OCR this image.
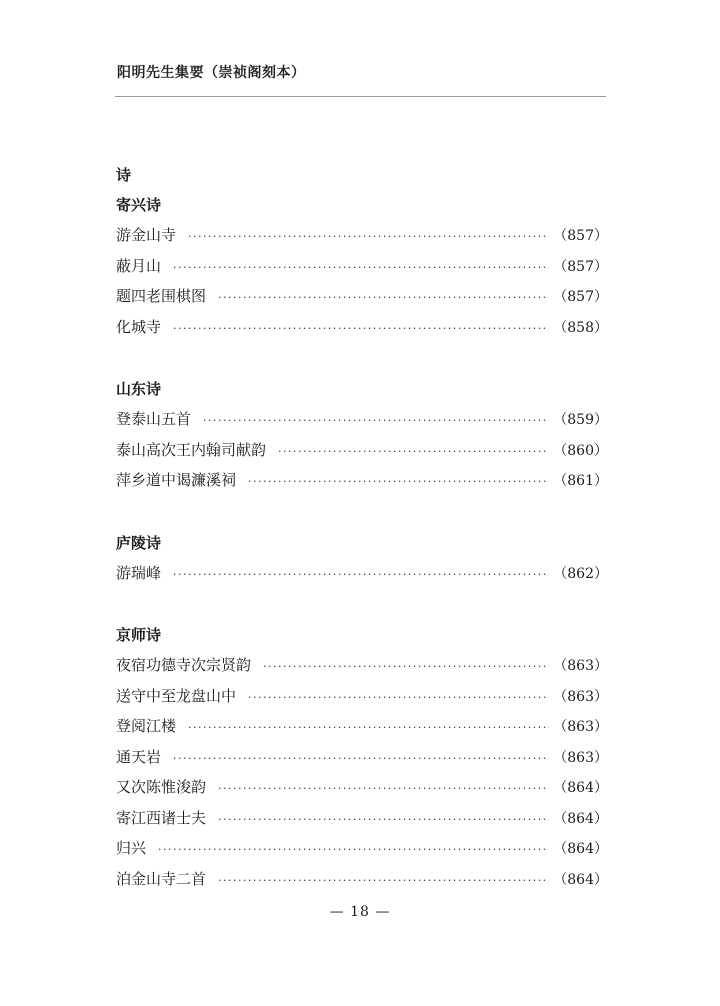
阳明先生集要（崇祯阁刻本）
诗
寄兴诗
游金山寺 ·····	（857）
蔽月山 ·····	（857）
题四老围棋图 ·····	（857）
化城寺 ·····	（858）
山东诗
登泰山五首 ·····	（859）
泰山高次王内翰司献韵 ·····	（860）
萍乡道中谒濂溪祠 ·····	（861）
庐陵诗
游瑞峰 ·····	（862）
京师诗
夜宿功德寺次宗贤韵 ·····	（863）
送守中至龙盘山中 ·····	（863）
登阅江楼 ·····	（863）
通天岩 ·····	（863）
又次陈惟浚韵 ·····	（864）
寄江西诸士夫 ·····	（864）
归兴 ·····	（864）
泊金山寺二首 ·····	（864）
— 18 —
